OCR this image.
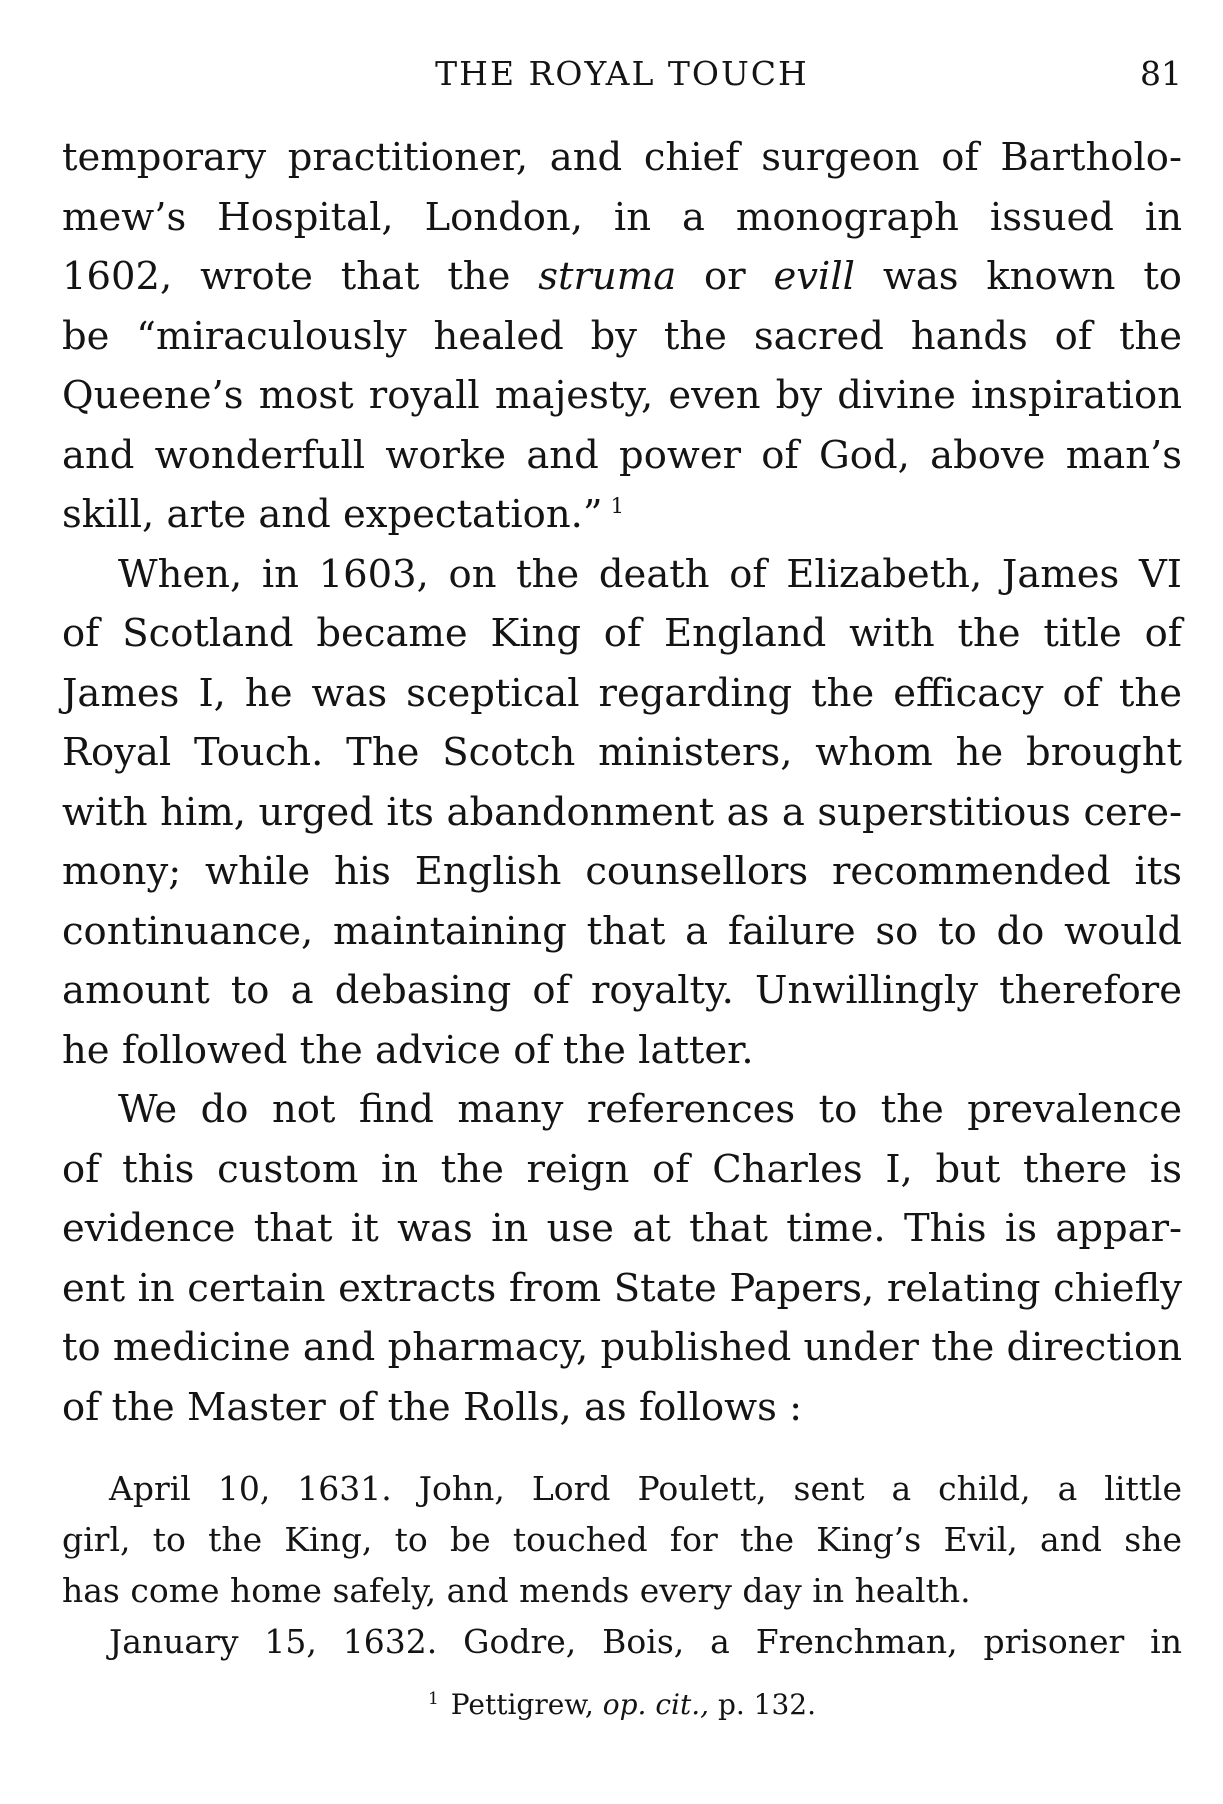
THE ROYAL TOUCH	81
temporary practitioner, and chief surgeon of Bartholo-
mew’s Hospital, London, in a monograph issued in
1602, wrote that the struma or evill was known to
be “miraculously healed by the sacred hands of the
Queene’s most royall majesty, even by divine inspiration
and wonderfull worke and power of God, above man’s
skill, arte and expectation.” $^1$
When, in 1603, on the death of Elizabeth, James VI
of Scotland became King of England with the title of
James I, he was sceptical regarding the efficacy of the
Royal Touch. The Scotch ministers, whom he brought
with him, urged its abandonment as a superstitious cere-
mony; while his English counsellors recommended its
continuance, maintaining that a failure so to do would
amount to a debasing of royalty. Unwillingly therefore
he followed the advice of the latter.
We do not find many references to the prevalence
of this custom in the reign of Charles I, but there is
evidence that it was in use at that time. This is appar-
ent in certain extracts from State Papers, relating chiefly
to medicine and pharmacy, published under the direction
of the Master of the Rolls, as follows :
April 10, 1631. John, Lord Poulett, sent a child, a little
girl, to the King, to be touched for the King’s Evil, and she
has come home safely, and mends every day in health.
January 15, 1632. Godre, Bois, a Frenchman, prisoner in
$^1$ Pettigrew, op. cit., p. 132.
